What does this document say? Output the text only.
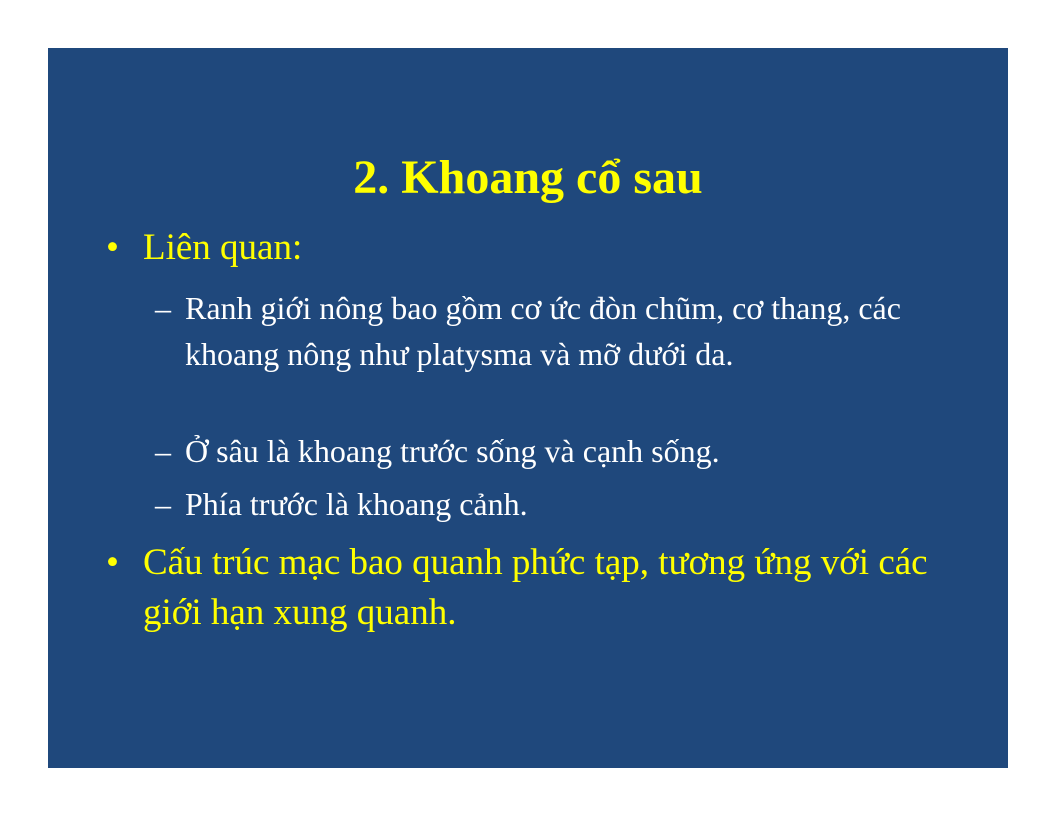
2. Khoang cổ sau
• Liên quan:
– Ranh giới nông bao gồm cơ ức đòn chũm, cơ thang, các khoang nông như platysma và mỡ dưới da.
– Ở sâu là khoang trước sống và cạnh sống.
– Phía trước là khoang cảnh.
• Cấu trúc mạc bao quanh phức tạp, tương ứng với các giới hạn xung quanh.
